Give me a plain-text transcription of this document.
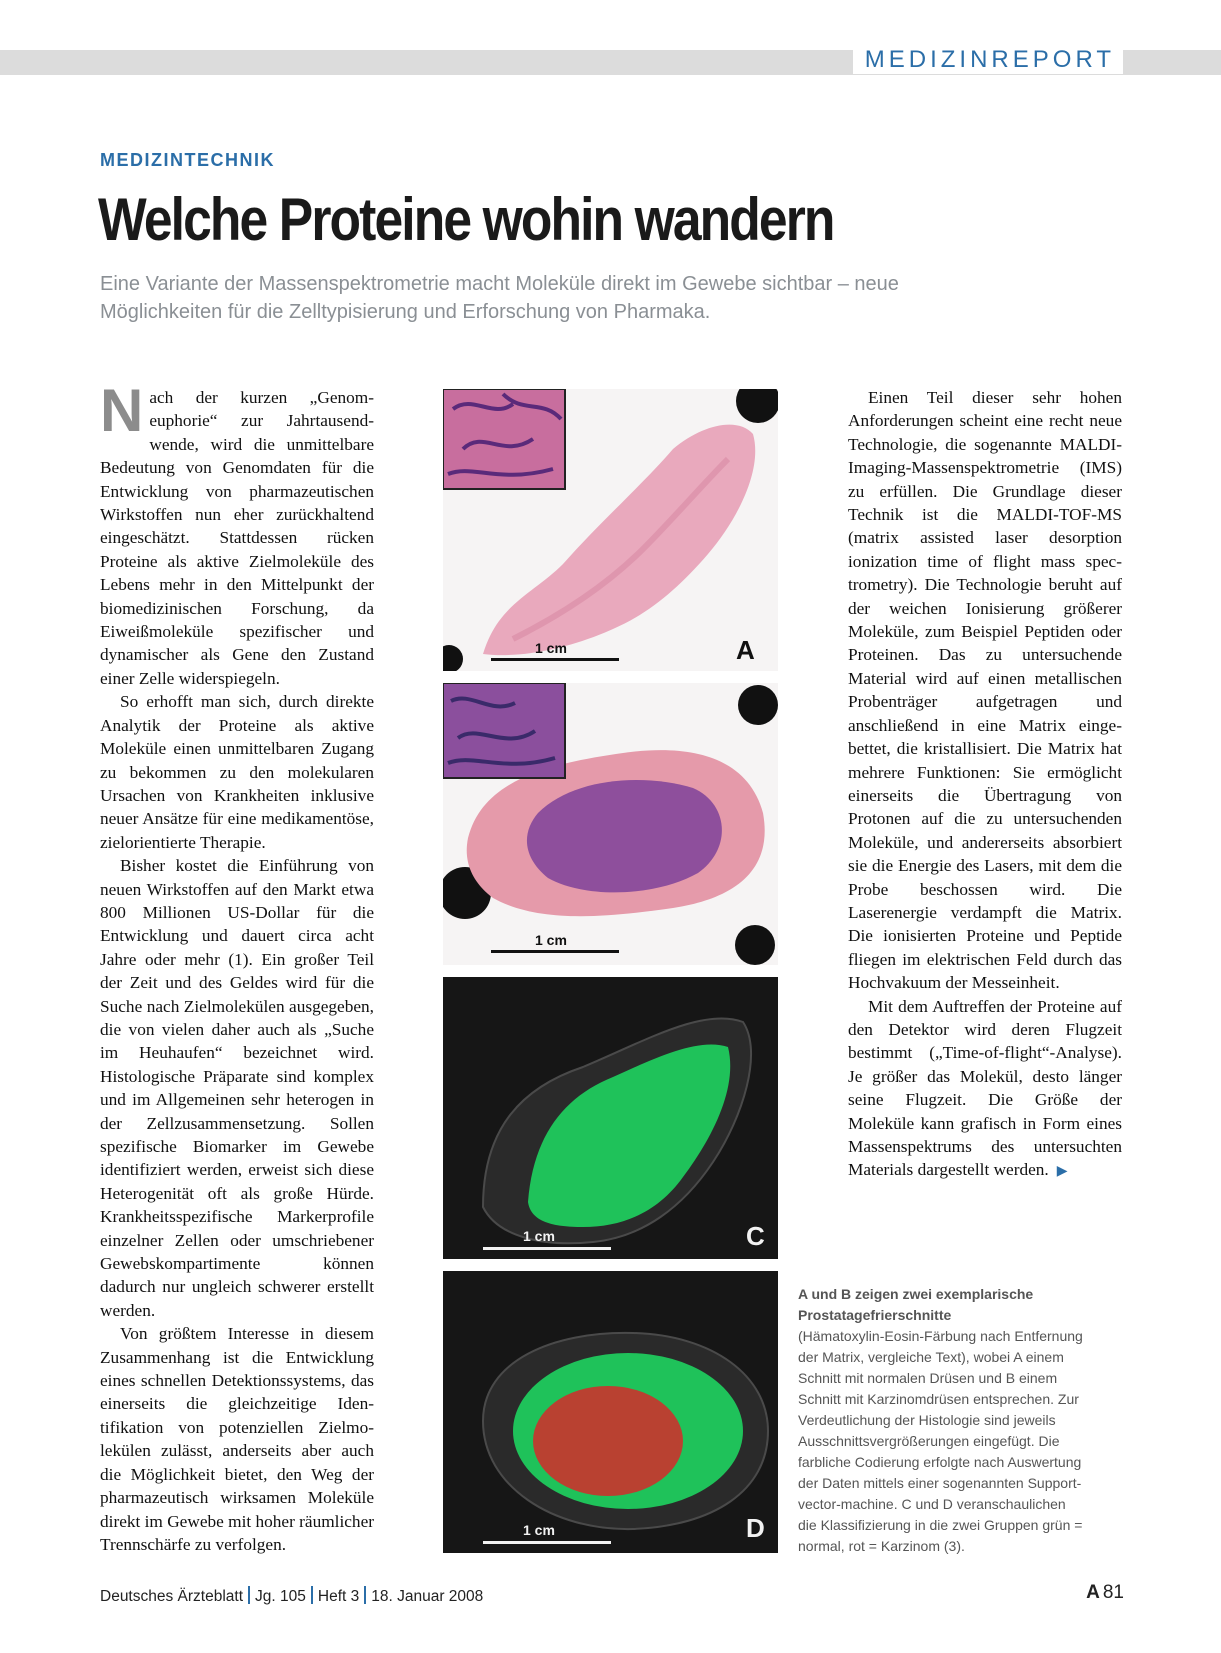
MEDIZINREPORT
MEDIZINTECHNIK
Welche Proteine wohin wandern
Eine Variante der Massenspektrometrie macht Moleküle direkt im Gewebe sichtbar – neue Möglichkeiten für die Zelltypisierung und Erforschung von Pharmaka.

Nach der kurzen „Genomeuphorie“ zur Jahrtausendwende, wird die unmittelbare Bedeutung von Genomdaten für die Entwicklung von pharmazeutischen Wirkstoffen nun eher zurückhaltend eingeschätzt. Stattdessen rücken Proteine als aktive Zielmoleküle des Lebens mehr in den Mittelpunkt der biomedizinischen Forschung, da Eiweißmoleküle spezifischer und dynamischer als Gene den Zustand einer Zelle widerspiegeln.

So erhofft man sich, durch direkte Analytik der Proteine als aktive Moleküle einen unmittelbaren Zugang zu bekommen zu den molekularen Ursachen von Krankheiten inklusive neuer Ansätze für eine medikamentöse, zielorientierte Therapie.

Bisher kostet die Einführung von neuen Wirkstoffen auf den Markt etwa 800 Millionen US-Dollar für die Entwicklung und dauert circa acht Jahre oder mehr (1). Ein großer Teil der Zeit und des Geldes wird für die Suche nach Zielmolekülen ausgegeben, die von vielen daher auch als „Suche im Heuhaufen“ bezeichnet wird. Histologische Präparate sind komplex und im Allgemeinen sehr heterogen in der Zellzusammensetzung. Sollen spezifische Biomarker im Gewebe identifiziert werden, erweist sich diese Heterogenität oft als große Hürde. Krankheitsspezifische Markerprofile einzelner Zellen oder umschriebener Gewebskompartimente können dadurch nur ungleich schwerer erstellt werden.

Von größtem Interesse in diesem Zusammenhang ist die Entwicklung eines schnellen Detektionssystems, das einerseits die gleichzeitige Identifikation von potenziellen Zielmolekülen zulässt, anderseits aber auch die Möglichkeit bietet, den Weg der pharmazeutisch wirksamen Moleküle direkt im Gewebe mit hoher räumlicher Trennschärfe zu verfolgen.

1 cm	A
1 cm
1 cm	C
1 cm	D

Einen Teil dieser sehr hohen Anforderungen scheint eine recht neue Technologie, die sogenannte MALDI-Imaging-Massenspektrometrie (IMS) zu erfüllen. Die Grundlage dieser Technik ist die MALDI-TOF-MS (matrix assisted laser desorption ionization time of flight mass spectrometry). Die Technologie beruht auf der weichen Ionisierung größerer Moleküle, zum Beispiel Peptiden oder Proteinen. Das zu untersuchende Material wird auf einen metallischen Probenträger aufgetragen und anschließend in eine Matrix eingebettet, die kristallisiert. Die Matrix hat mehrere Funktionen: Sie ermöglicht einerseits die Übertragung von Protonen auf die zu untersuchenden Moleküle, und andererseits absorbiert sie die Energie des Lasers, mit dem die Probe beschossen wird. Die Laserenergie verdampft die Matrix. Die ionisierten Proteine und Peptide fliegen im elektrischen Feld durch das Hochvakuum der Messeinheit.

Mit dem Auftreffen der Proteine auf den Detektor wird deren Flugzeit bestimmt („Time-of-flight“-Analyse). Je größer das Molekül, desto länger seine Flugzeit. Die Größe der Moleküle kann grafisch in Form eines Massenspektrums des untersuchten Materials dargestellt werden. ▶

A und B zeigen zwei exemplarische Prostatagefrierschnitte
(Hämatoxylin-Eosin-Färbung nach Entfernung der Matrix, vergleiche Text), wobei A einem Schnitt mit normalen Drüsen und B einem Schnitt mit Karzinomdrüsen entsprechen. Zur Verdeutlichung der Histologie sind jeweils Ausschnittsvergrößerungen eingefügt. Die farbliche Codierung erfolgte nach Auswertung der Daten mittels einer sogenannten Support-vector-machine. C und D veranschaulichen die Klassifizierung in die zwei Gruppen grün = normal, rot = Karzinom (3).
Deutsches Ärzteblatt Jg. 105 Heft 3 18. Januar 2008	A 81
